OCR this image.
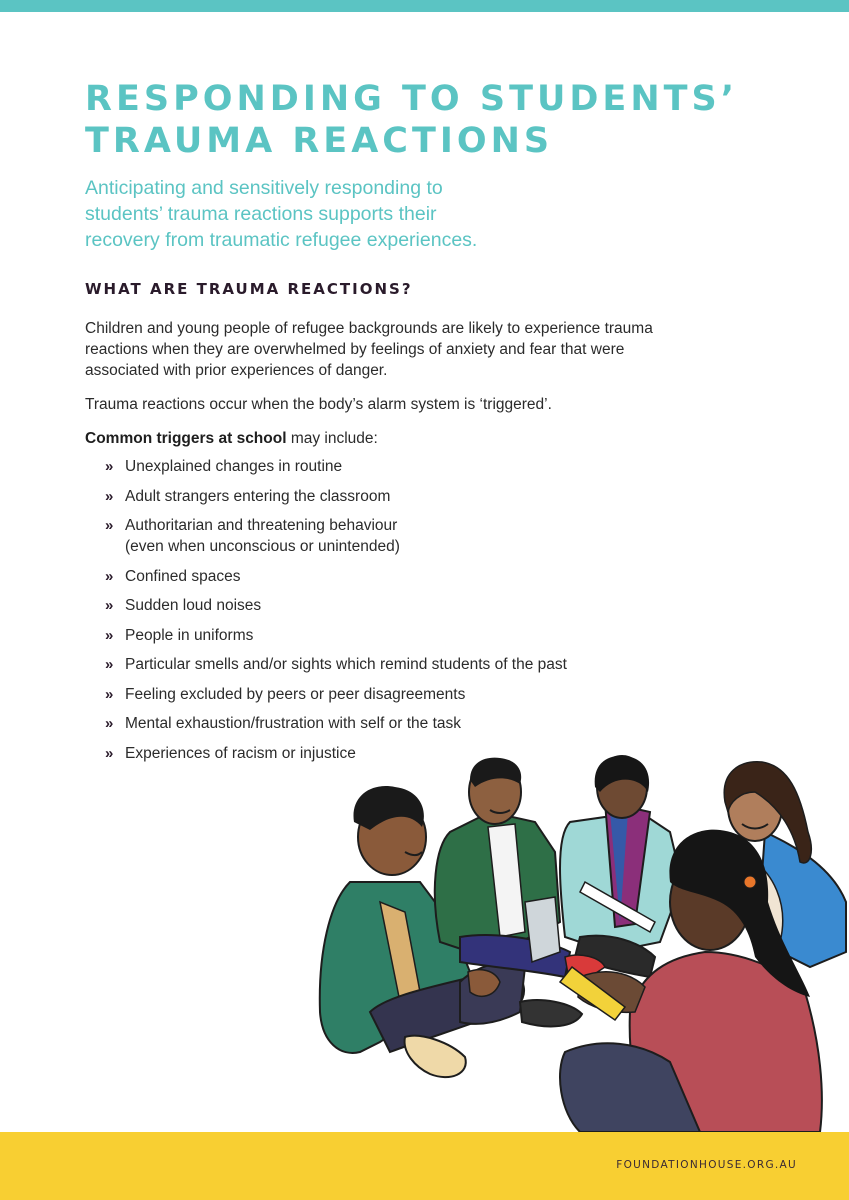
RESPONDING TO STUDENTS’
TRAUMA REACTIONS

Anticipating and sensitively responding to
students’ trauma reactions supports their
recovery from traumatic refugee experiences.

WHAT ARE TRAUMA REACTIONS?

Children and young people of refugee backgrounds are likely to experience trauma
reactions when they are overwhelmed by feelings of anxiety and fear that were
associated with prior experiences of danger.

Trauma reactions occur when the body’s alarm system is ‘triggered’.

Common triggers at school may include:

» Unexplained changes in routine
» Adult strangers entering the classroom
» Authoritarian and threatening behaviour
(even when unconscious or unintended)
» Confined spaces
» Sudden loud noises
» People in uniforms
» Particular smells and/or sights which remind students of the past
» Feeling excluded by peers or peer disagreements
» Mental exhaustion/frustration with self or the task
» Experiences of racism or injustice
FOUNDATIONHOUSE.ORG.AU
